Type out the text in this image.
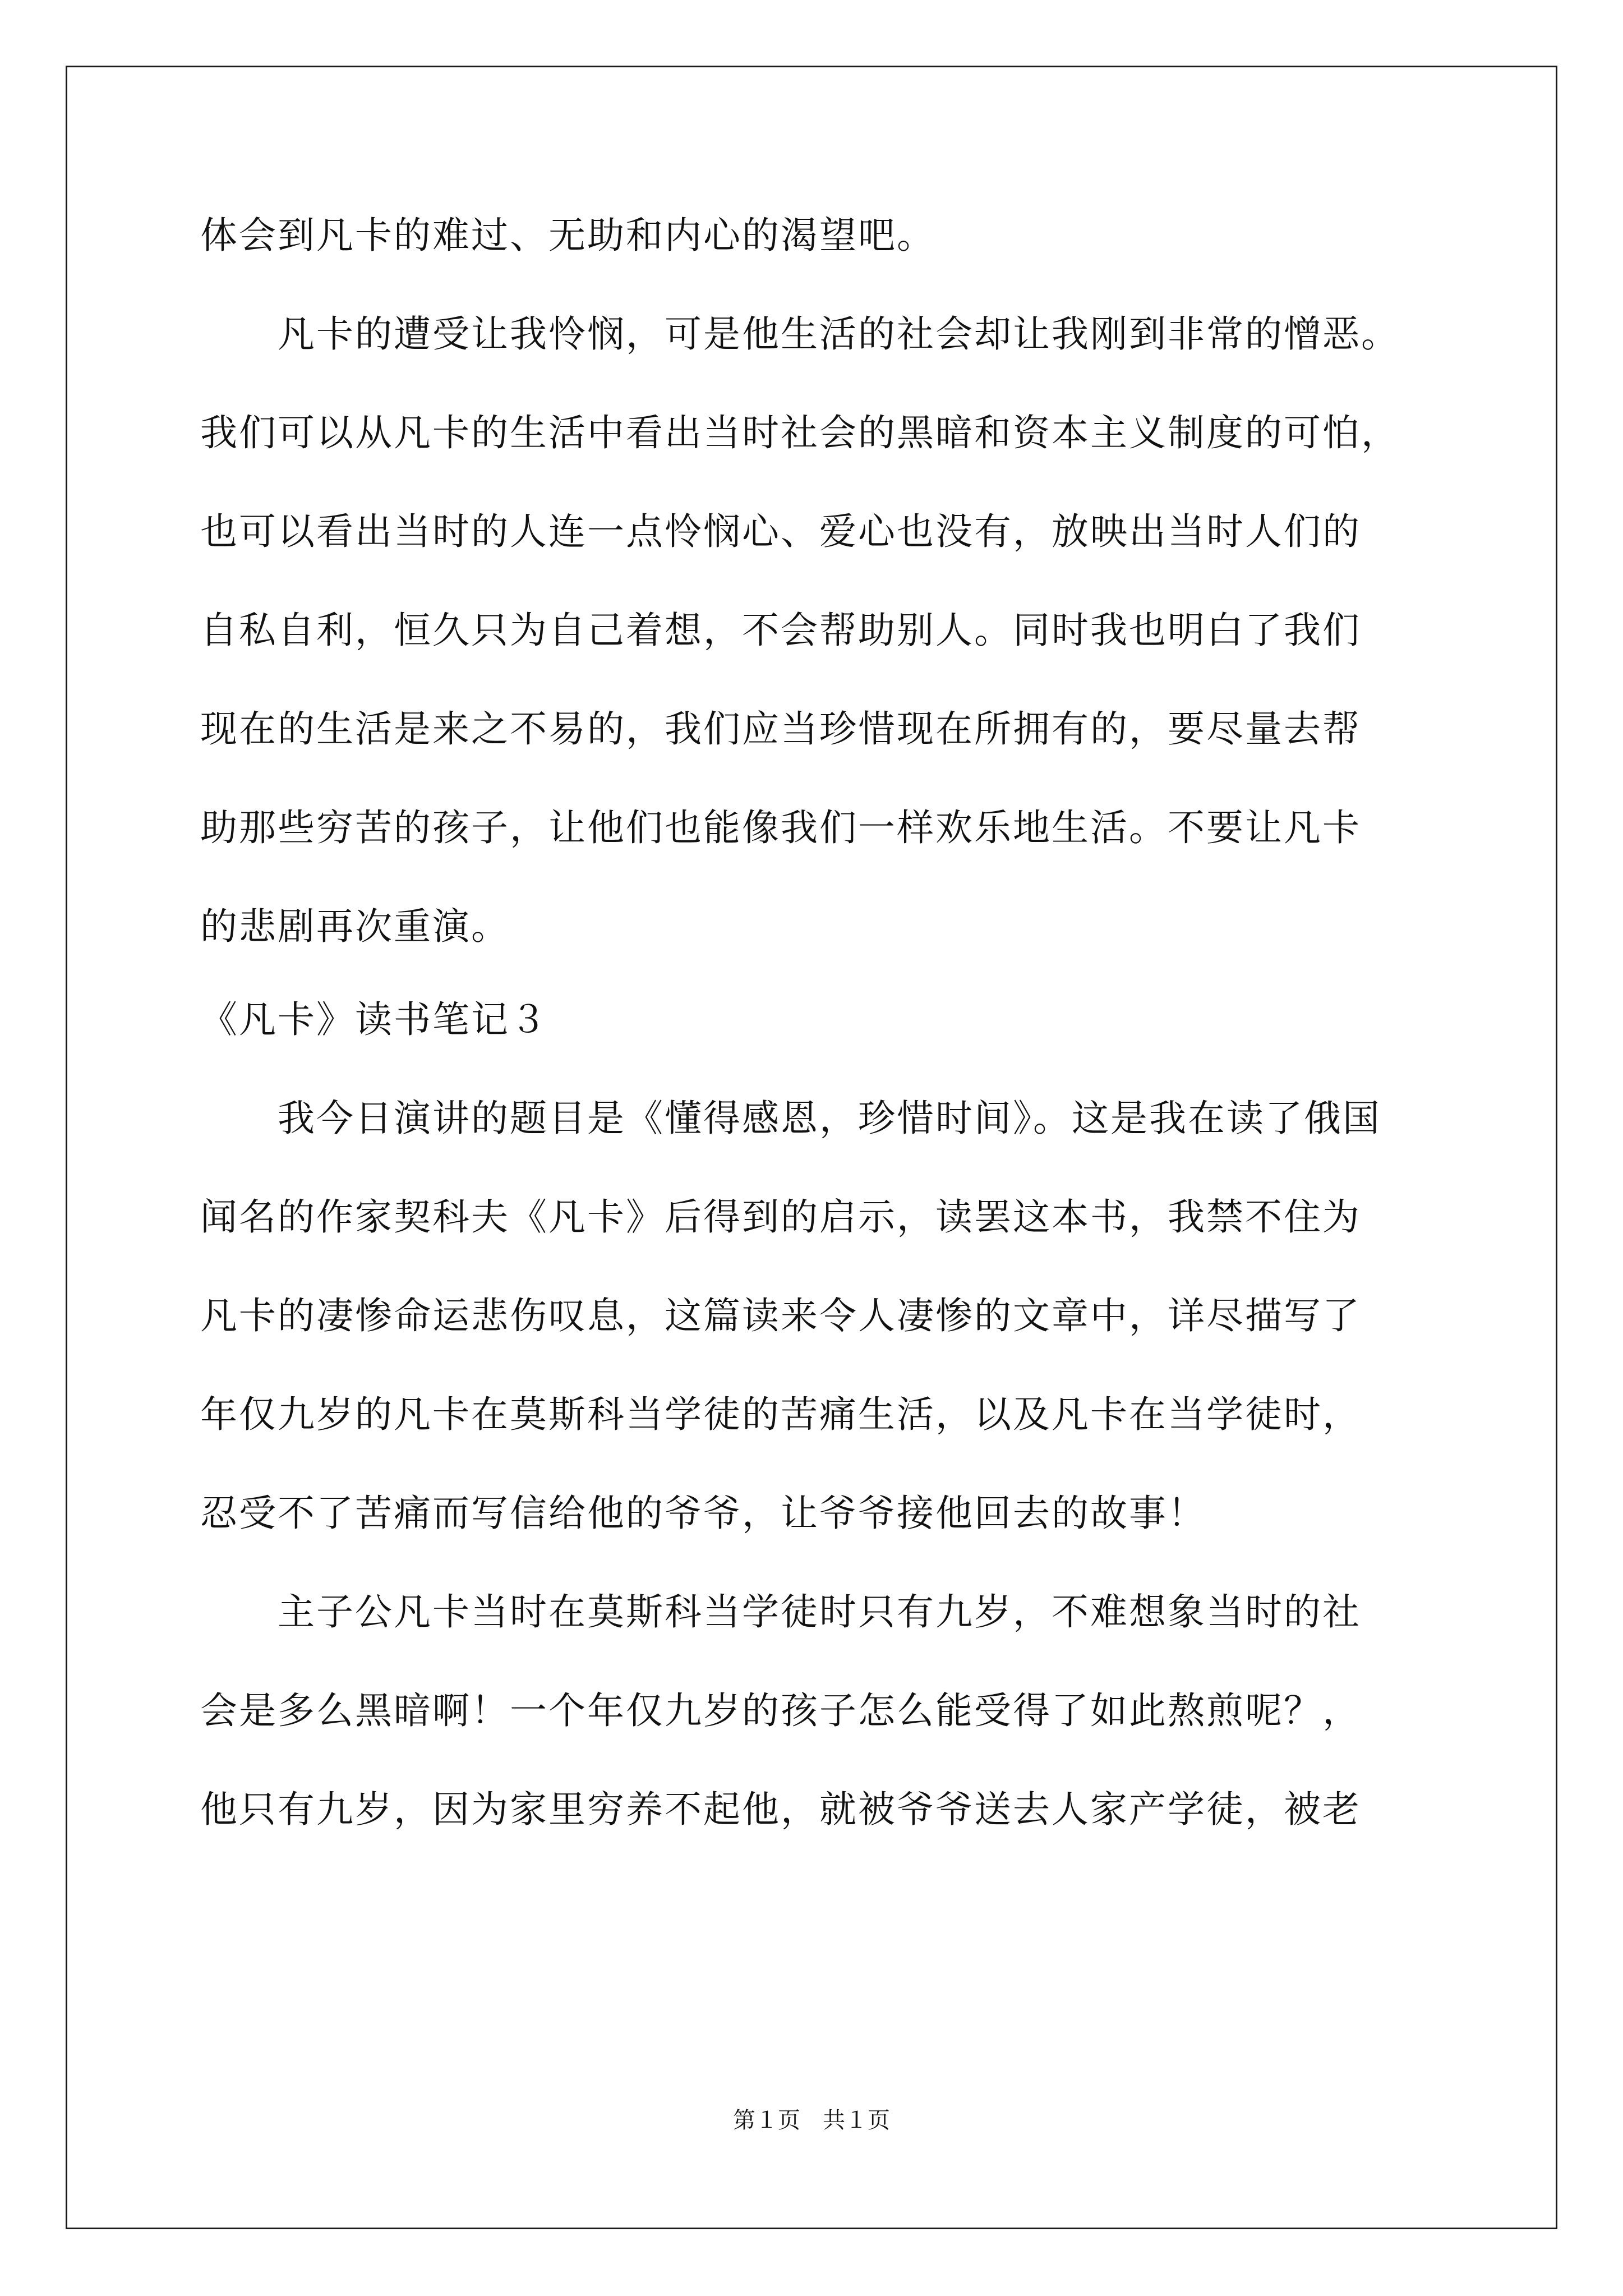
体会到凡卡的难过、无助和内心的渴望吧。
　　凡卡的遭受让我怜悯，可是他生活的社会却让我刚到非常的憎恶。
我们可以从凡卡的生活中看出当时社会的黑暗和资本主义制度的可怕，
也可以看出当时的人连一点怜悯心、爱心也没有，放映出当时人们的
自私自利，恒久只为自己着想，不会帮助别人。同时我也明白了我们
现在的生活是来之不易的，我们应当珍惜现在所拥有的，要尽量去帮
助那些穷苦的孩子，让他们也能像我们一样欢乐地生活。不要让凡卡
的悲剧再次重演。
《凡卡》读书笔记３
　　我今日演讲的题目是《懂得感恩，珍惜时间》。这是我在读了俄国
闻名的作家契科夫《凡卡》后得到的启示，读罢这本书，我禁不住为
凡卡的凄惨命运悲伤叹息，这篇读来令人凄惨的文章中，详尽描写了
年仅九岁的凡卡在莫斯科当学徒的苦痛生活，以及凡卡在当学徒时，
忍受不了苦痛而写信给他的爷爷，让爷爷接他回去的故事！
　　主子公凡卡当时在莫斯科当学徒时只有九岁，不难想象当时的社
会是多么黑暗啊！一个年仅九岁的孩子怎么能受得了如此熬煎呢？，
他只有九岁，因为家里穷养不起他，就被爷爷送去人家产学徒，被老
第１页　共１页
